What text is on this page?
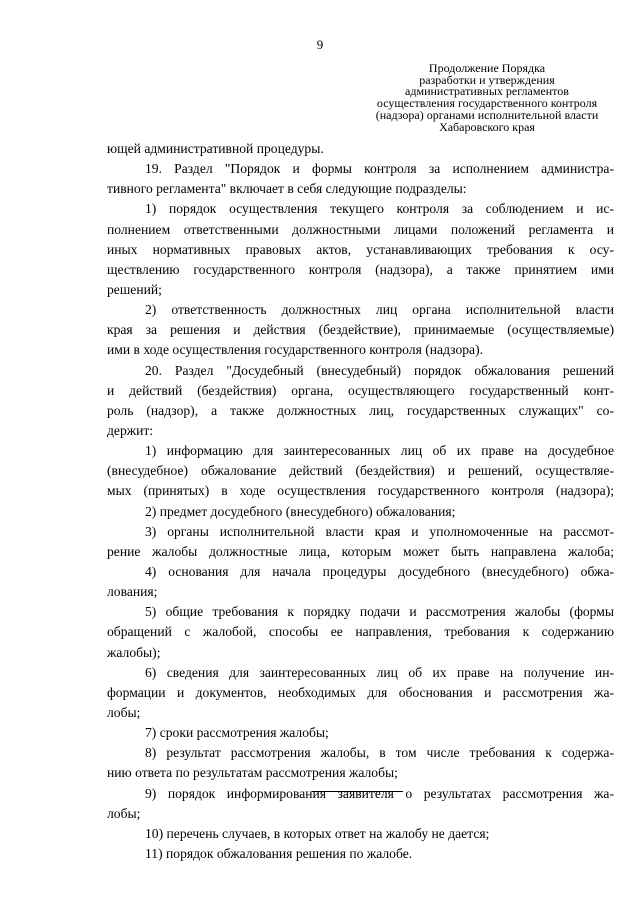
9
Продолжение Порядка
разработки и утверждения
административных регламентов
осуществления государственного контроля
(надзора) органами исполнительной власти
Хабаровского края
ющей административной процедуры.
19. Раздел "Порядок и формы контроля за исполнением администра-
тивного регламента" включает в себя следующие подразделы:
1) порядок осуществления текущего контроля за соблюдением и ис-
полнением ответственными должностными лицами положений регламента и
иных нормативных правовых актов, устанавливающих требования к осу-
ществлению государственного контроля (надзора), а также принятием ими
решений;
2) ответственность должностных лиц органа исполнительной власти
края за решения и действия (бездействие), принимаемые (осуществляемые)
ими в ходе осуществления государственного контроля (надзора).
20. Раздел "Досудебный (внесудебный) порядок обжалования решений
и действий (бездействия) органа, осуществляющего государственный конт-
роль (надзор), а также должностных лиц, государственных служащих" со-
держит:
1) информацию для заинтересованных лиц об их праве на досудебное
(внесудебное) обжалование действий (бездействия) и решений, осуществляе-
мых (принятых) в ходе осуществления государственного контроля (надзора);
2) предмет досудебного (внесудебного) обжалования;
3) органы исполнительной власти края и уполномоченные на рассмот-
рение жалобы должностные лица, которым может быть направлена жалоба;
4) основания для начала процедуры досудебного (внесудебного) обжа-
лования;
5) общие требования к порядку подачи и рассмотрения жалобы (формы
обращений с жалобой, способы ее направления, требования к содержанию
жалобы);
6) сведения для заинтересованных лиц об их праве на получение ин-
формации и документов, необходимых для обоснования и рассмотрения жа-
лобы;
7) сроки рассмотрения жалобы;
8) результат рассмотрения жалобы, в том числе требования к содержа-
нию ответа по результатам рассмотрения жалобы;
9) порядок информирования заявителя о результатах рассмотрения жа-
лобы;
10) перечень случаев, в которых ответ на жалобу не дается;
11) порядок обжалования решения по жалобе.
